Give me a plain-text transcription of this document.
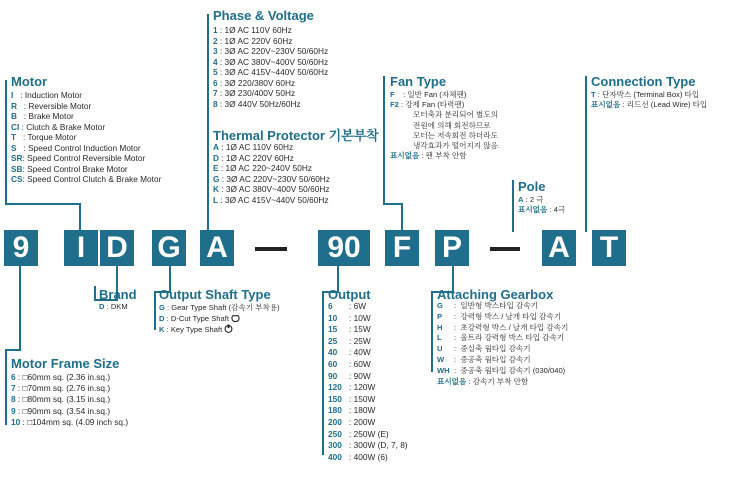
Phase & Voltage
1 : 1Ø AC 110V 60Hz
2 : 1Ø AC 220V 60Hz
3 : 3Ø AC 220V~230V 50/60Hz
4 : 3Ø AC 380V~400V 50/60Hz
5 : 3Ø AC 415V~440V 50/60Hz
6 : 3Ø 220/380V 60Hz
7 : 3Ø 230/400V 50Hz
8 : 3Ø 440V 50Hz/60Hz
Thermal Protector 기본부착
A : 1Ø AC 110V 60Hz
D : 1Ø AC 220V 60Hz
E : 1Ø AC 220~240V 50Hz
G : 3Ø AC 220V~230V 50/60Hz
K : 3Ø AC 380V~400V 50/60Hz
L : 3Ø AC 415V~440V 50/60Hz
Motor
I   : Induction Motor
R   : Reversible Motor
B   : Brake Motor
CI : Clutch & Brake Motor
T   : Torque Motor
S   : Speed Control Induction Motor
SR: Speed Control Reversible Motor
SB: Speed Control Brake Motor
CS: Speed Control Clutch & Brake Motor
Fan Type
F    : 일반 Fan (자체팬)
F2 : 강제 Fan (타력팬)
모터축과 분리되어 별도의
전원에 의해 회전하므로
모터는 저속회전 하더라도
냉각효과가 떨어지지 않음.
표시없음 : 팬 부착 안함
Connection Type
T : 단자박스 (Terminal Box) 타입
표시없음 : 리드선 (Lead Wire) 타입
Pole
A : 2 극
표시없음 : 4극
9	I D G A	90	F P	A T
Brand
D : DKM
Output Shaft Type
G : Gear Type Shaft (감속기 부착용)
D : D-Cut Type Shaft
K : Key Type Shaft
Output
6 : 6W
10 : 10W
15 : 15W
25 : 25W
40 : 40W
60 : 60W
90 : 90W
120 : 120W
150 : 150W
180 : 180W
200 : 200W
250 : 250W (E)
300 : 300W (D, 7, 8)
400 : 400W (6)
Attaching Gearbox
G :  일반형 박스타입 감속기
P :  강력형 박스 / 날개 타입 감속기
H :  초강력형 박스 / 날개 타입 감속기
L :  울트라 강력형 박스 타입 감속기
U :  중실축 웜타입 감속기
W :  중공축 웜타입 감속기
WH :  중공축 웜타입 감속기 (030/040)
표시없음 : 감속기 부착 안함
Motor Frame Size
6 : □60mm sq. (2.36 in.sq.)
7 : □70mm sq. (2.76 in.sq.)
8 : □80mm sq. (3.15 in.sq.)
9 : □90mm sq. (3.54 in.sq.)
10 : □104mm sq. (4.09 inch sq.)
